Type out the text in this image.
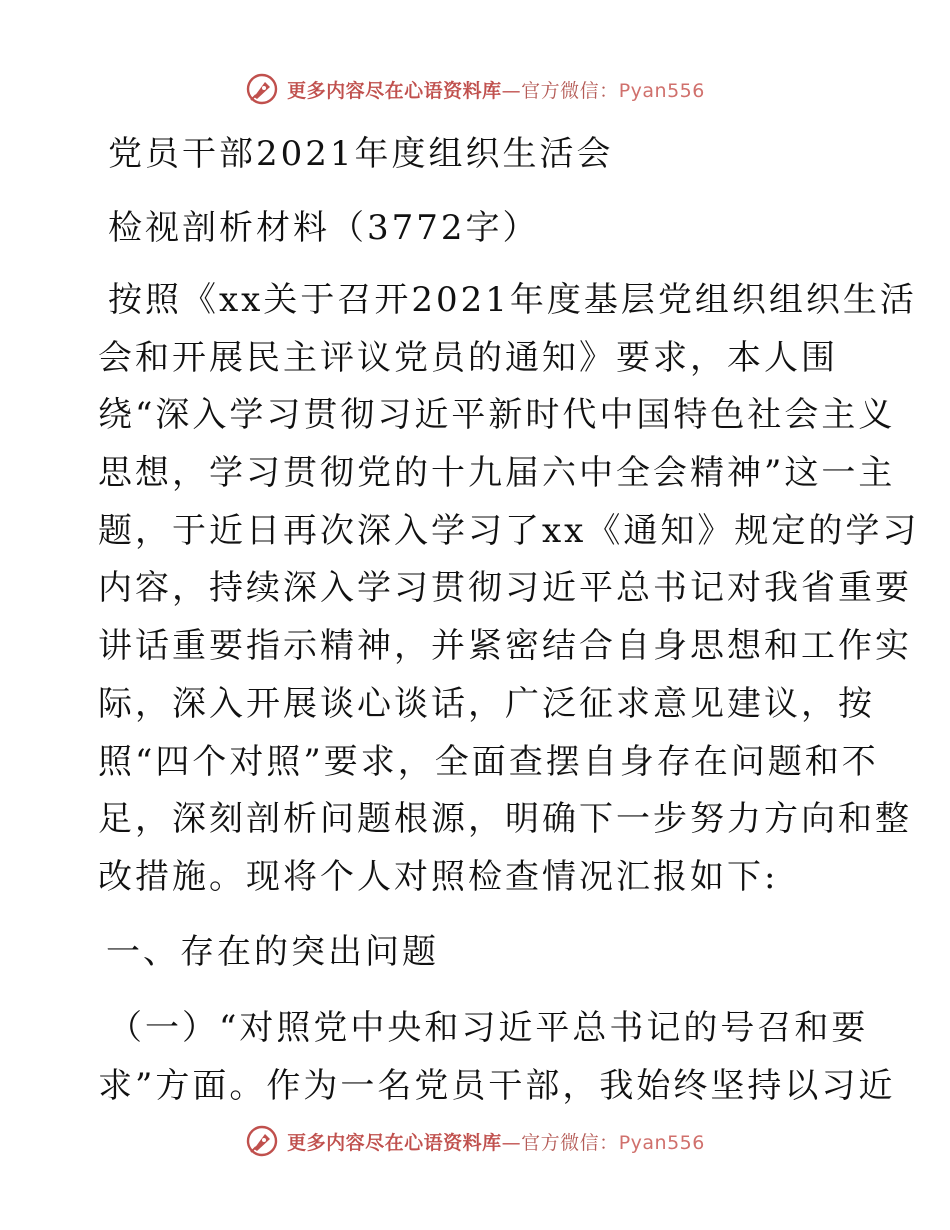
更多内容尽在心语资料库—官方微信：Pyan556
党员干部2021年度组织生活会
检视剖析材料（3772字）
按照《xx关于召开2021年度基层党组织组织生活
会和开展民主评议党员的通知》要求，本人围
绕“深入学习贯彻习近平新时代中国特色社会主义
思想，学习贯彻党的十九届六中全会精神”这一主
题，于近日再次深入学习了xx《通知》规定的学习
内容，持续深入学习贯彻习近平总书记对我省重要
讲话重要指示精神，并紧密结合自身思想和工作实
际，深入开展谈心谈话，广泛征求意见建议，按
照“四个对照”要求，全面查摆自身存在问题和不
足，深刻剖析问题根源，明确下一步努力方向和整
改措施。现将个人对照检查情况汇报如下:
一、存在的突出问题
（一）“对照党中央和习近平总书记的号召和要
求”方面。作为一名党员干部，我始终坚持以习近
更多内容尽在心语资料库—官方微信：Pyan556
